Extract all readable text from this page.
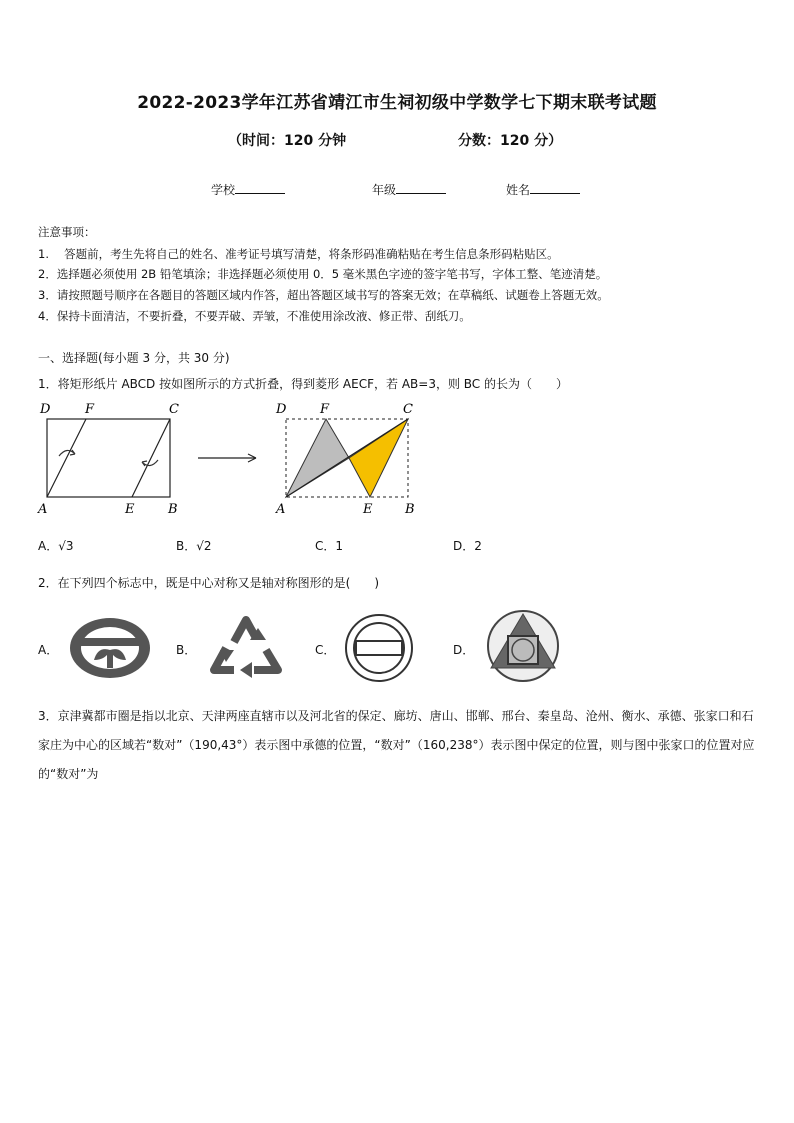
2022-2023学年江苏省靖江市生祠初级中学数学七下期末联考试题
（时间：120 分钟	分数：120 分）
学校	年级	姓名
注意事项：
1.　 答题前，考生先将自己的姓名、准考证号填写清楚，将条形码准确粘贴在考生信息条形码粘贴区。
2．选择题必须使用 2B 铅笔填涂；非选择题必须使用 0．5 毫米黑色字迹的签字笔书写，字体工整、笔迹清楚。
3．请按照题号顺序在各题目的答题区域内作答，超出答题区域书写的答案无效；在草稿纸、试题卷上答题无效。
4．保持卡面清洁，不要折叠，不要弄破、弄皱，不准使用涂改液、修正带、刮纸刀。
一、选择题(每小题 3 分，共 30 分)
1．将矩形纸片 ABCD 按如图所示的方式折叠，得到菱形 AECF，若 AB=3，则 BC 的长为（　　）
D	F	C
A	E	B
D	F	C
A	E	B
A．√3	B．√2	C．1	D．2
2．在下列四个标志中，既是中心对称又是轴对称图形的是(　　)
A．	B．	C．	D．
3．京津冀都市圈是指以北京、天津两座直辖市以及河北省的保定、廊坊、唐山、邯郸、邢台、秦皇岛、沧州、衡水、承德、张家口和石家庄为中心的区域若“数对”（190,43°）表示图中承德的位置，“数对”（160,238°）表示图中保定的位置，则与图中张家口的位置对应的“数对”为
